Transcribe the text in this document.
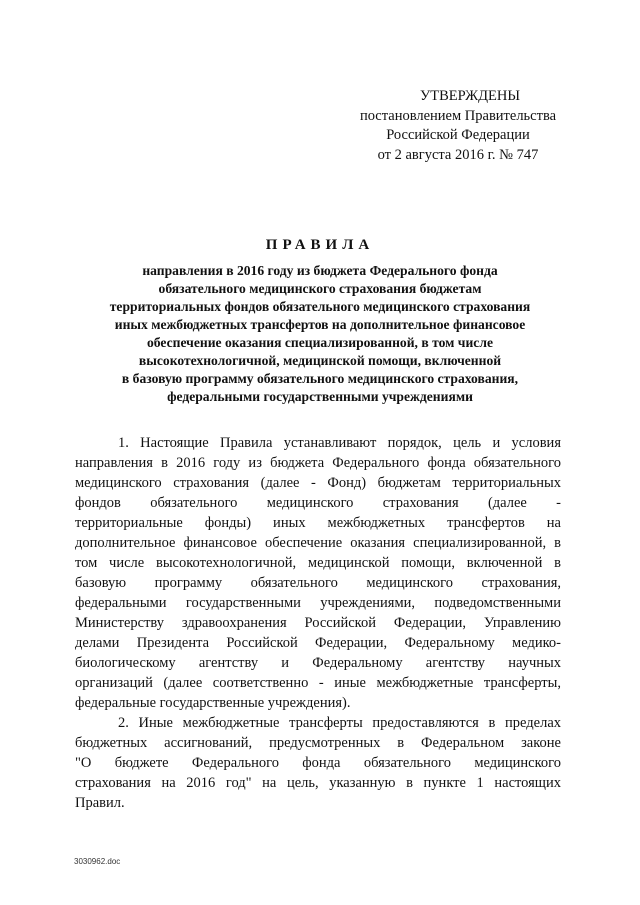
УТВЕРЖДЕНЫ
постановлением Правительства
Российской Федерации
от 2 августа 2016 г. № 747
ПРАВИЛА
направления в 2016 году из бюджета Федерального фонда
обязательного медицинского страхования бюджетам
территориальных фондов обязательного медицинского страхования
иных межбюджетных трансфертов на дополнительное финансовое
обеспечение оказания специализированной, в том числе
высокотехнологичной, медицинской помощи, включенной
в базовую программу обязательного медицинского страхования,
федеральными государственными учреждениями
1. Настоящие Правила устанавливают порядок, цель и условия
направления в 2016 году из бюджета Федерального фонда обязательного
медицинского страхования (далее - Фонд) бюджетам территориальных
фондов обязательного медицинского страхования (далее -
территориальные фонды) иных межбюджетных трансфертов на
дополнительное финансовое обеспечение оказания специализированной, в
том числе высокотехнологичной, медицинской помощи, включенной в
базовую программу обязательного медицинского страхования,
федеральными государственными учреждениями, подведомственными
Министерству здравоохранения Российской Федерации, Управлению
делами Президента Российской Федерации, Федеральному медико-
биологическому агентству и Федеральному агентству научных
организаций (далее соответственно - иные межбюджетные трансферты,
федеральные государственные учреждения).
2. Иные межбюджетные трансферты предоставляются в пределах
бюджетных ассигнований, предусмотренных в Федеральном законе
"О бюджете Федерального фонда обязательного медицинского
страхования на 2016 год" на цель, указанную в пункте 1 настоящих
Правил.
3030962.doc
